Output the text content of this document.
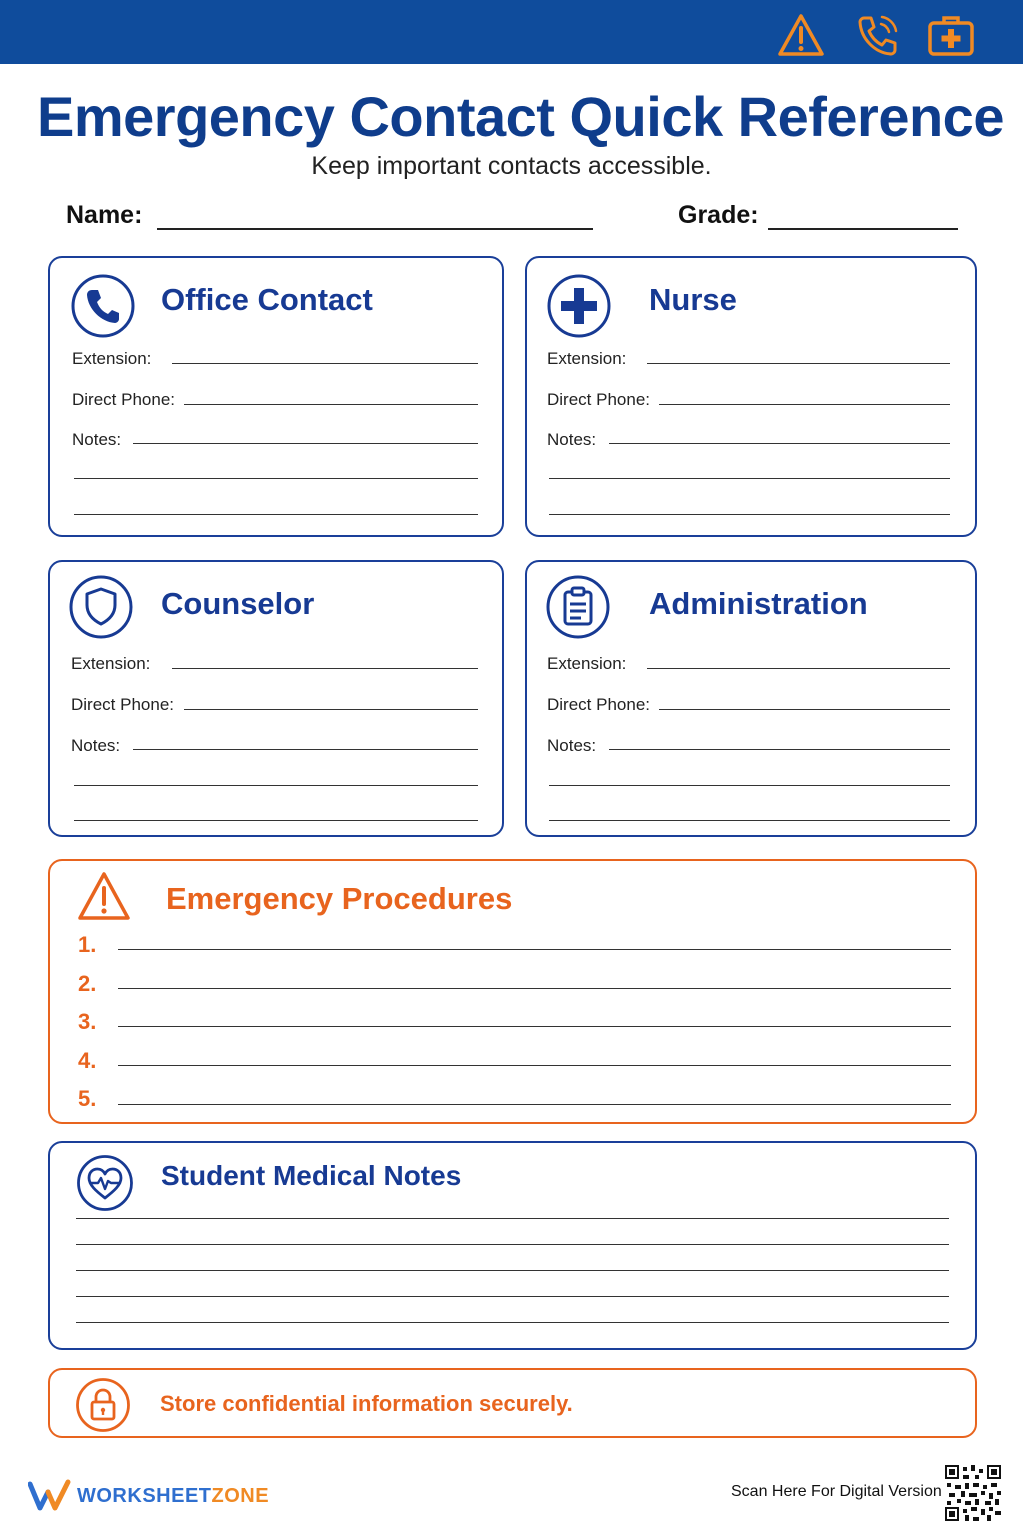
Emergency Contact Quick Reference
Keep important contacts accessible.
Name:	Grade:
Office Contact
Extension:
Direct Phone:
Notes:
Nurse
Extension:
Direct Phone:
Notes:
Counselor
Extension:
Direct Phone:
Notes:
Administration
Extension:
Direct Phone:
Notes:
Emergency Procedures
1.
2.
3.
4.
5.
Student Medical Notes
Store confidential information securely.
WORKSHEETZONE	Scan Here For Digital Version
